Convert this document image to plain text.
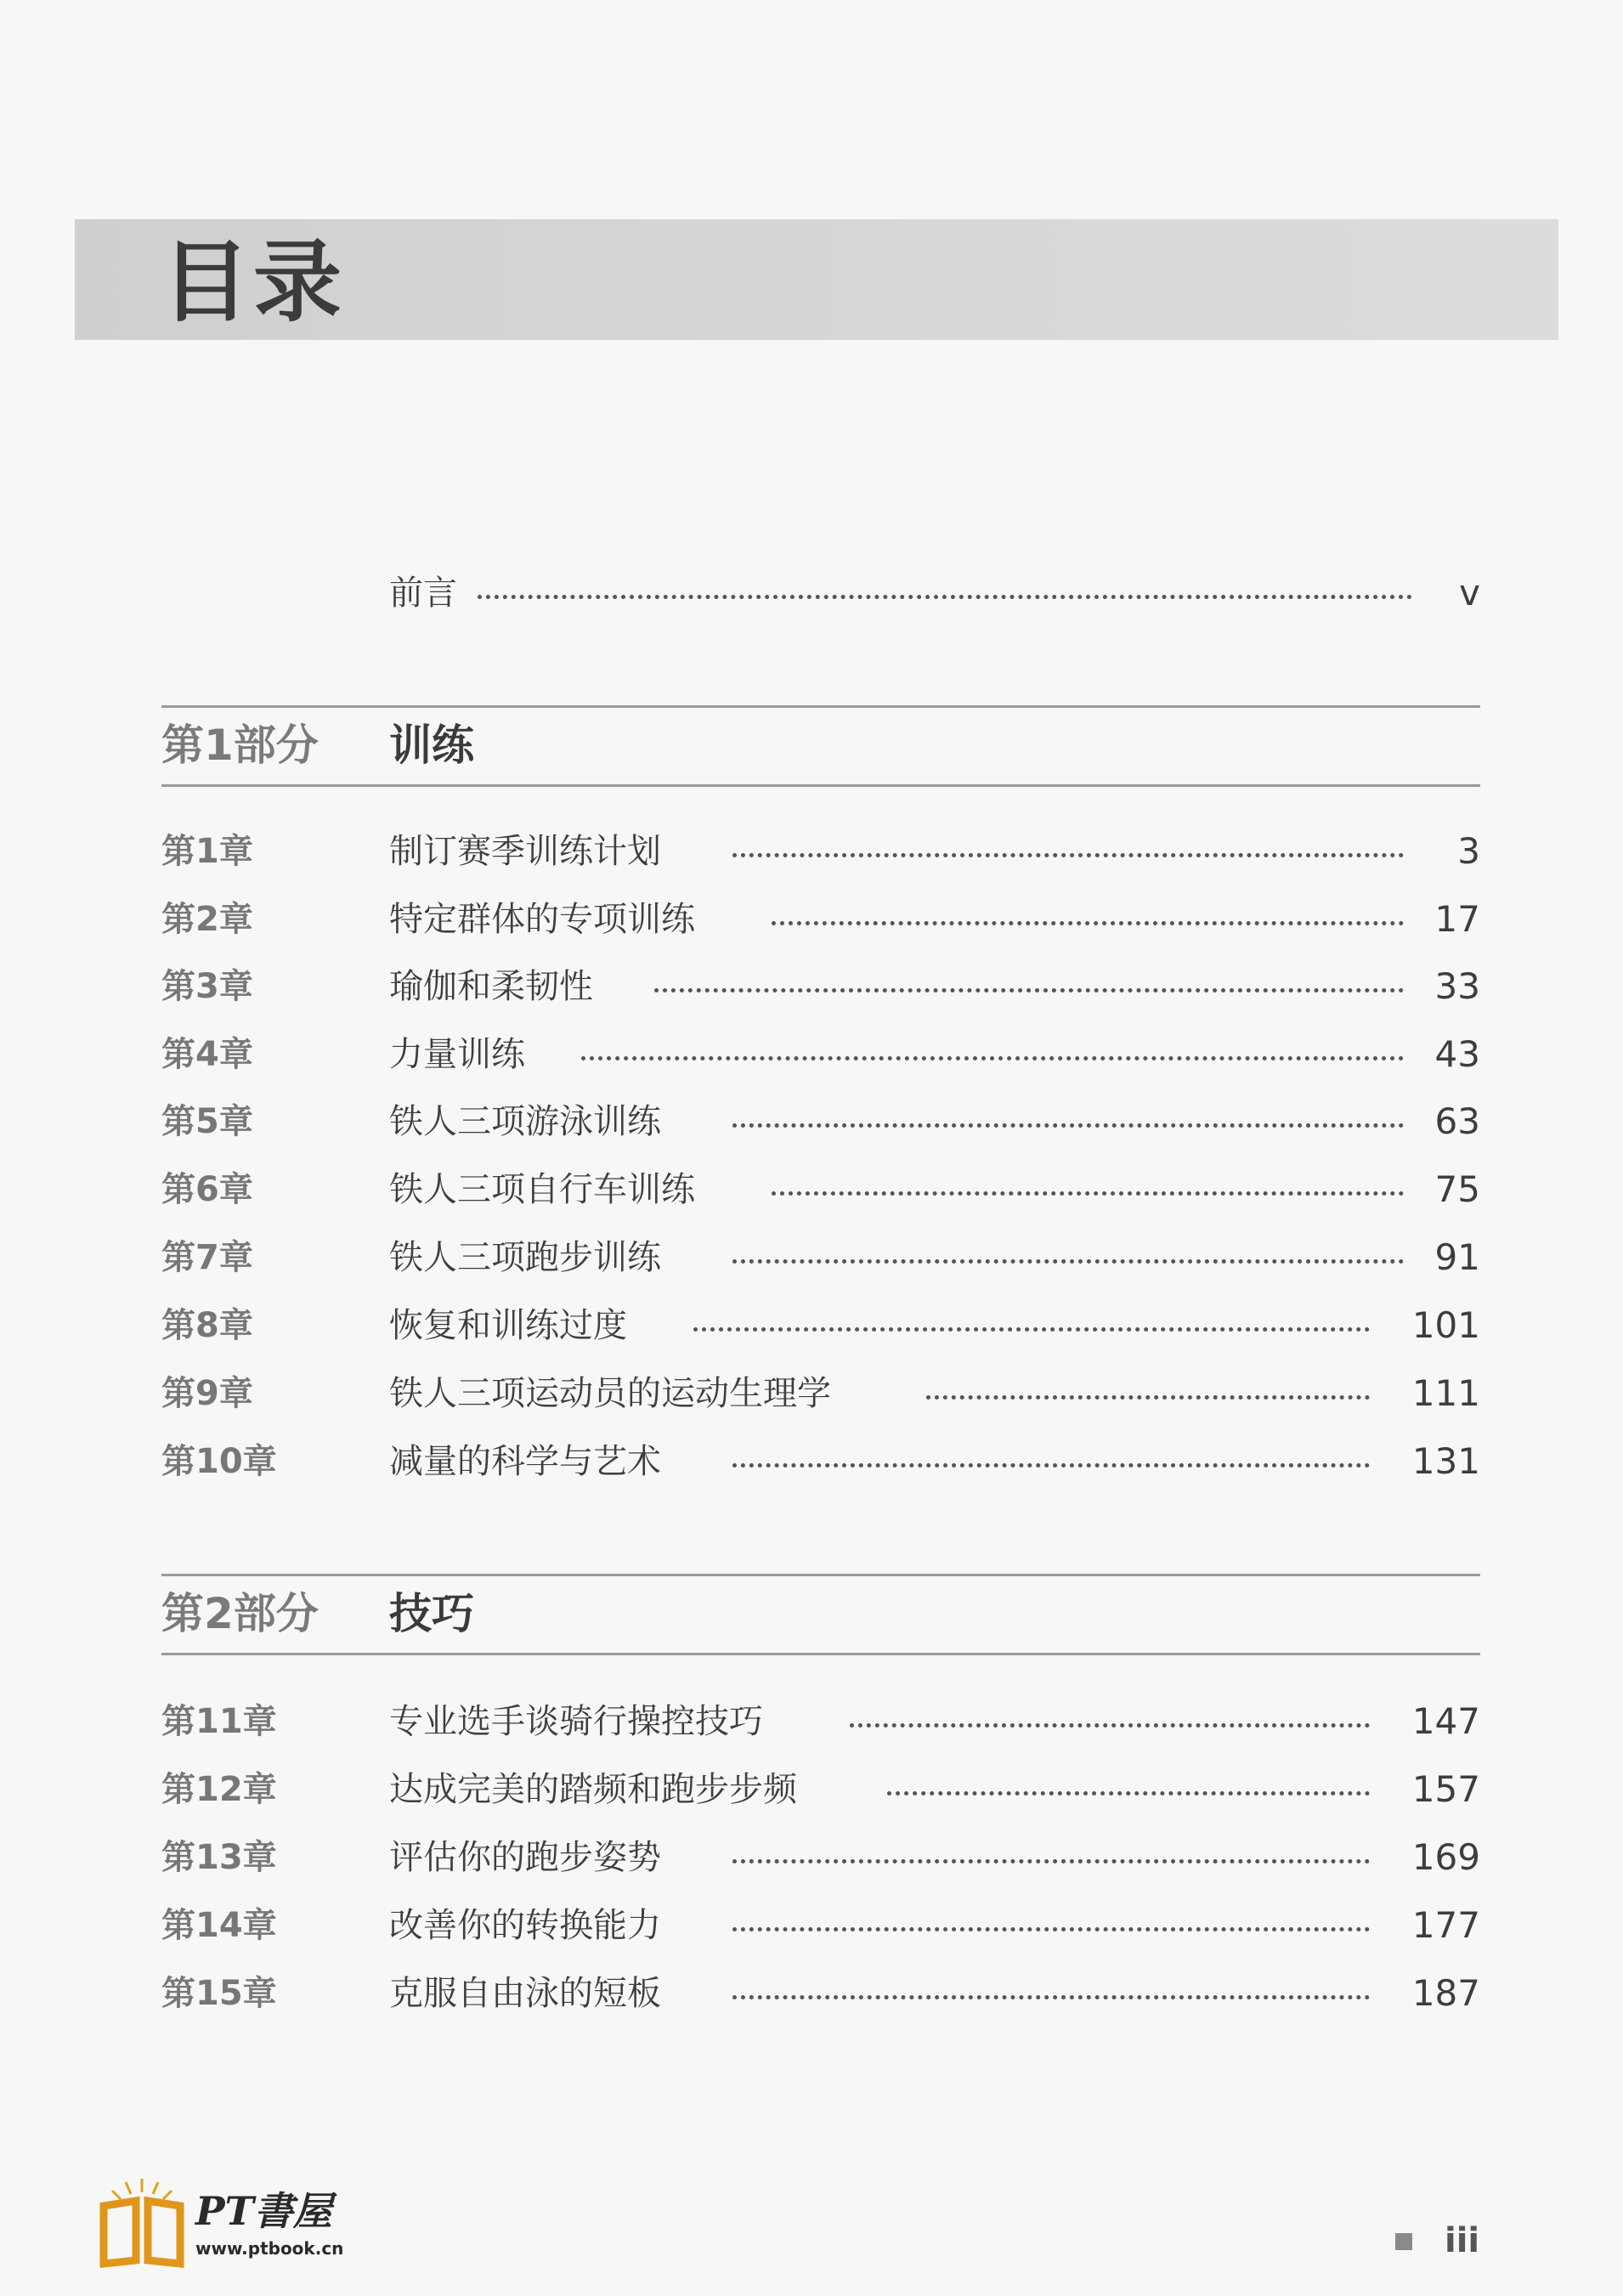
目录
前言	v
第1部分 训练
第1章	制订赛季训练计划	3
第2章	特定群体的专项训练	17
第3章	瑜伽和柔韧性	33
第4章	力量训练	43
第5章	铁人三项游泳训练	63
第6章	铁人三项自行车训练	75
第7章	铁人三项跑步训练	91
第8章	恢复和训练过度	101
第9章	铁人三项运动员的运动生理学	111
第10章	减量的科学与艺术	131
第2部分 技巧
第11章	专业选手谈骑行操控技巧	147
第12章	达成完美的踏频和跑步步频	157
第13章	评估你的跑步姿势	169
第14章	改善你的转换能力	177
第15章	克服自由泳的短板	187
PT書屋
www.ptbook.cn	iii
